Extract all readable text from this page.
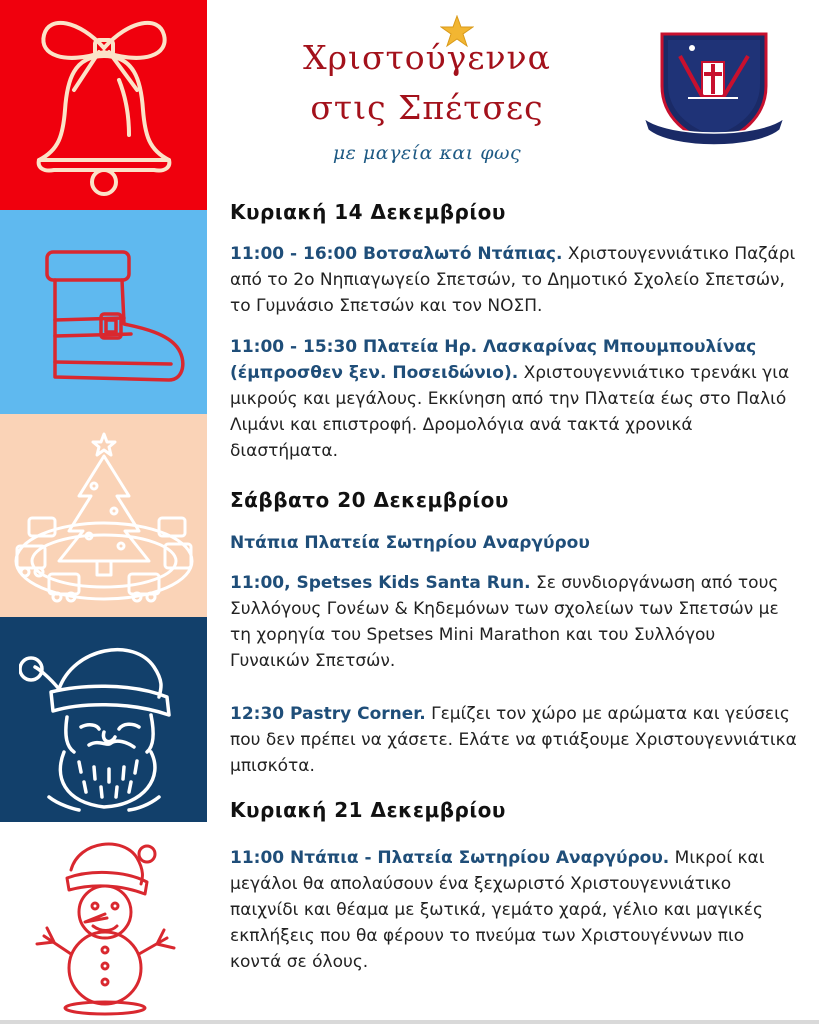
Χριστούγεννα
στις Σπέτσες
με μαγεία και φως
Κυριακή 14 Δεκεμβρίου
11:00 - 16:00 Βοτσαλωτό Ντάπιας. Χριστουγεννιάτικο Παζάρι από το 2ο Νηπιαγωγείο Σπετσών, το Δημοτικό Σχολείο Σπετσών, το Γυμνάσιο Σπετσών και τον ΝΟΣΠ.
11:00 - 15:30 Πλατεία Ηρ. Λασκαρίνας Μπουμπουλίνας (έμπροσθεν ξεν. Ποσειδώνιο). Χριστουγεννιάτικο τρενάκι για μικρούς και μεγάλους. Εκκίνηση από την Πλατεία έως στο Παλιό Λιμάνι και επιστροφή. Δρομολόγια ανά τακτά χρονικά διαστήματα.
Σάββατο 20 Δεκεμβρίου
Ντάπια Πλατεία Σωτηρίου Αναργύρου
11:00, Spetses Kids Santa Run. Σε συνδιοργάνωση από τους Συλλόγους Γονέων & Κηδεμόνων των σχολείων των Σπετσών με τη χορηγία του Spetses Mini Marathon και του Συλλόγου Γυναικών Σπετσών.
12:30 Pastry Corner. Γεμίζει τον χώρο με αρώματα και γεύσεις που δεν πρέπει να χάσετε. Ελάτε να φτιάξουμε Χριστουγεννιάτικα μπισκότα.
Κυριακή 21 Δεκεμβρίου
11:00 Ντάπια - Πλατεία Σωτηρίου Αναργύρου. Μικροί και μεγάλοι θα απολαύσουν ένα ξεχωριστό Χριστουγεννιάτικο παιχνίδι και θέαμα με ξωτικά, γεμάτο χαρά, γέλιο και μαγικές εκπλήξεις που θα φέρουν το πνεύμα των Χριστουγέννων πιο κοντά σε όλους.
